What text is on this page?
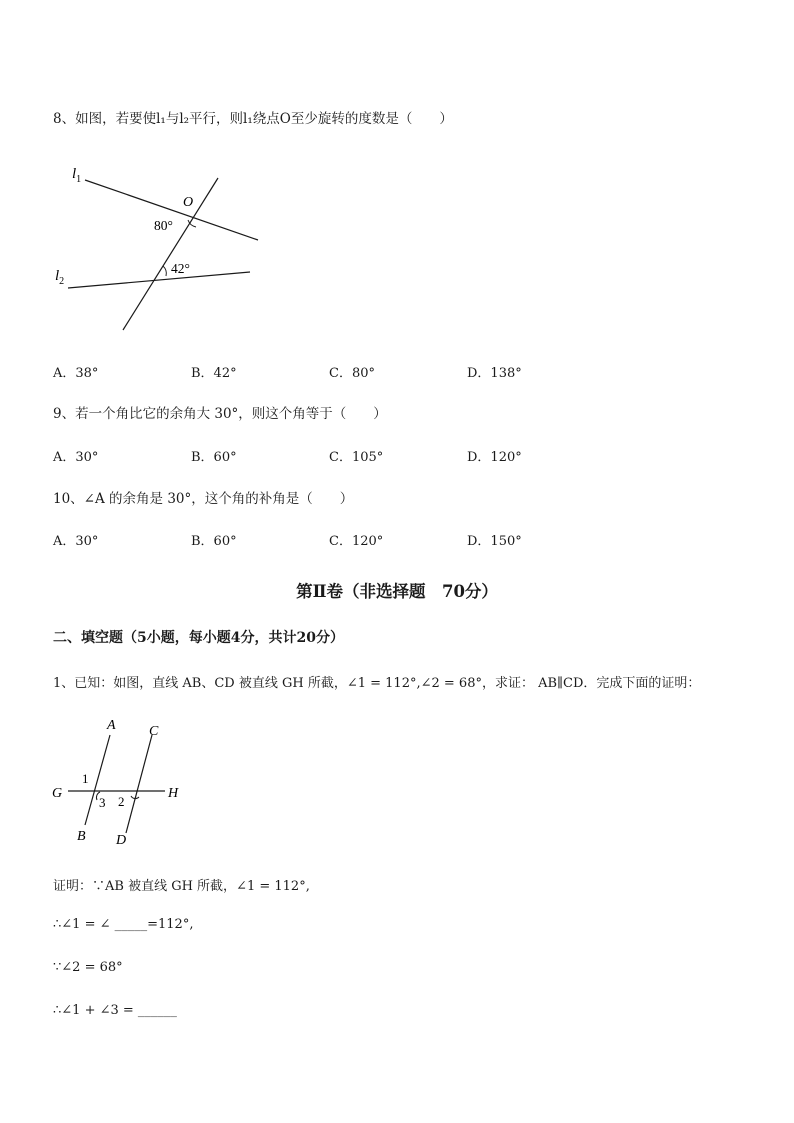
8、如图，若要使l₁与l₂平行，则l₁绕点O至少旋转的度数是（　　）
$l_1$
$l_2$
O
80°
42°
A．38°	B．42°	C．80°	D．138°
9、若一个角比它的余角大 30°，则这个角等于（　　）
A．30°	B．60°	C．105°	D．120°
10、∠A 的余角是 30°，这个角的补角是（　　）
A．30°	B．60°	C．120°	D．150°
第Ⅱ卷（非选择题　70分）
二、填空题（5小题，每小题4分，共计20分）
1、已知：如图，直线 AB、CD 被直线 GH 所截，∠1 = 112°,∠2 = 68°，求证： AB∥CD．完成下面的证明：
A C
G	H
B D
1
3 2
证明：∵AB 被直线 GH 所截，∠1 = 112°,
∴∠1 = ∠ _____=112°,
∵∠2 = 68°
∴∠1 + ∠3 = ______
